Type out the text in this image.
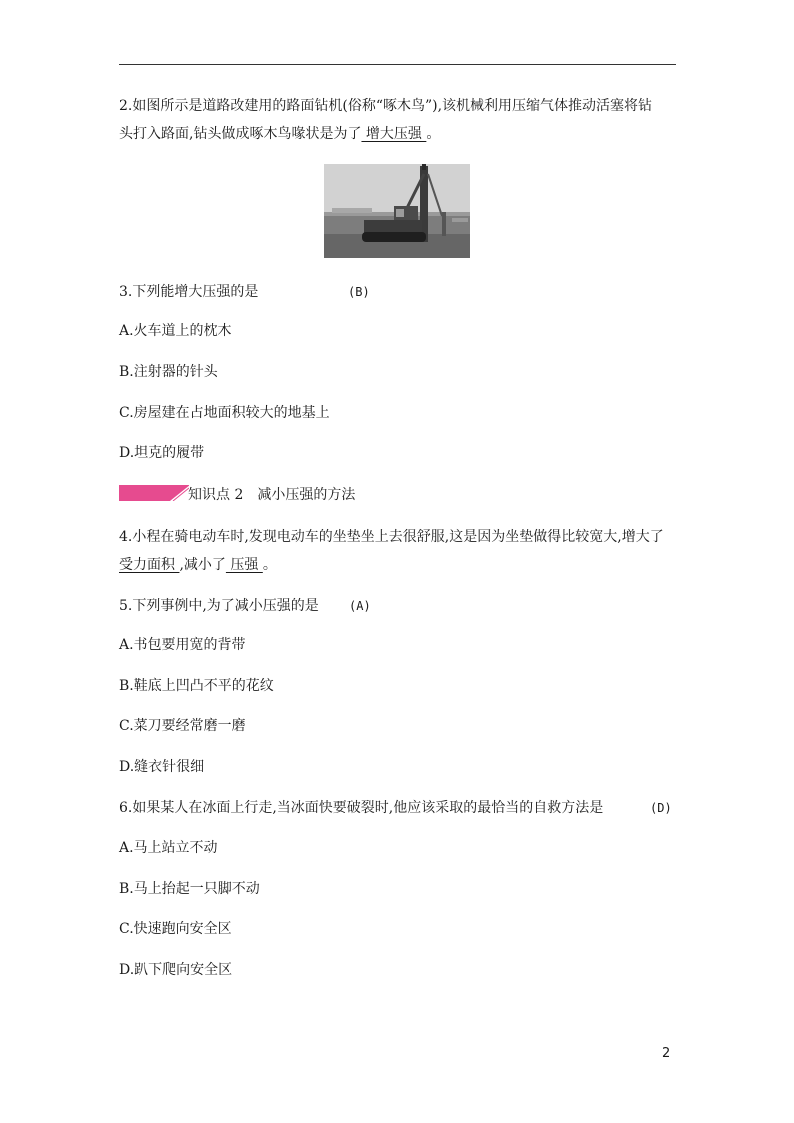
2.如图所示是道路改建用的路面钻机(俗称“啄木鸟”),该机械利用压缩气体推动活塞将钻
头打入路面,钻头做成啄木鸟喙状是为了 增大压强 。
3.下列能增大压强的是	(B)
A.火车道上的枕木
B.注射器的针头
C.房屋建在占地面积较大的地基上
D.坦克的履带
知识点 2　减小压强的方法
4.小程在骑电动车时,发现电动车的坐垫坐上去很舒服,这是因为坐垫做得比较宽大,增大了
受力面积 ,减小了 压强 。
5.下列事例中,为了减小压强的是	(A)
A.书包要用宽的背带
B.鞋底上凹凸不平的花纹
C.菜刀要经常磨一磨
D.缝衣针很细
6.如果某人在冰面上行走,当冰面快要破裂时,他应该采取的最恰当的自救方法是	(D)
A.马上站立不动
B.马上抬起一只脚不动
C.快速跑向安全区
D.趴下爬向安全区
2
